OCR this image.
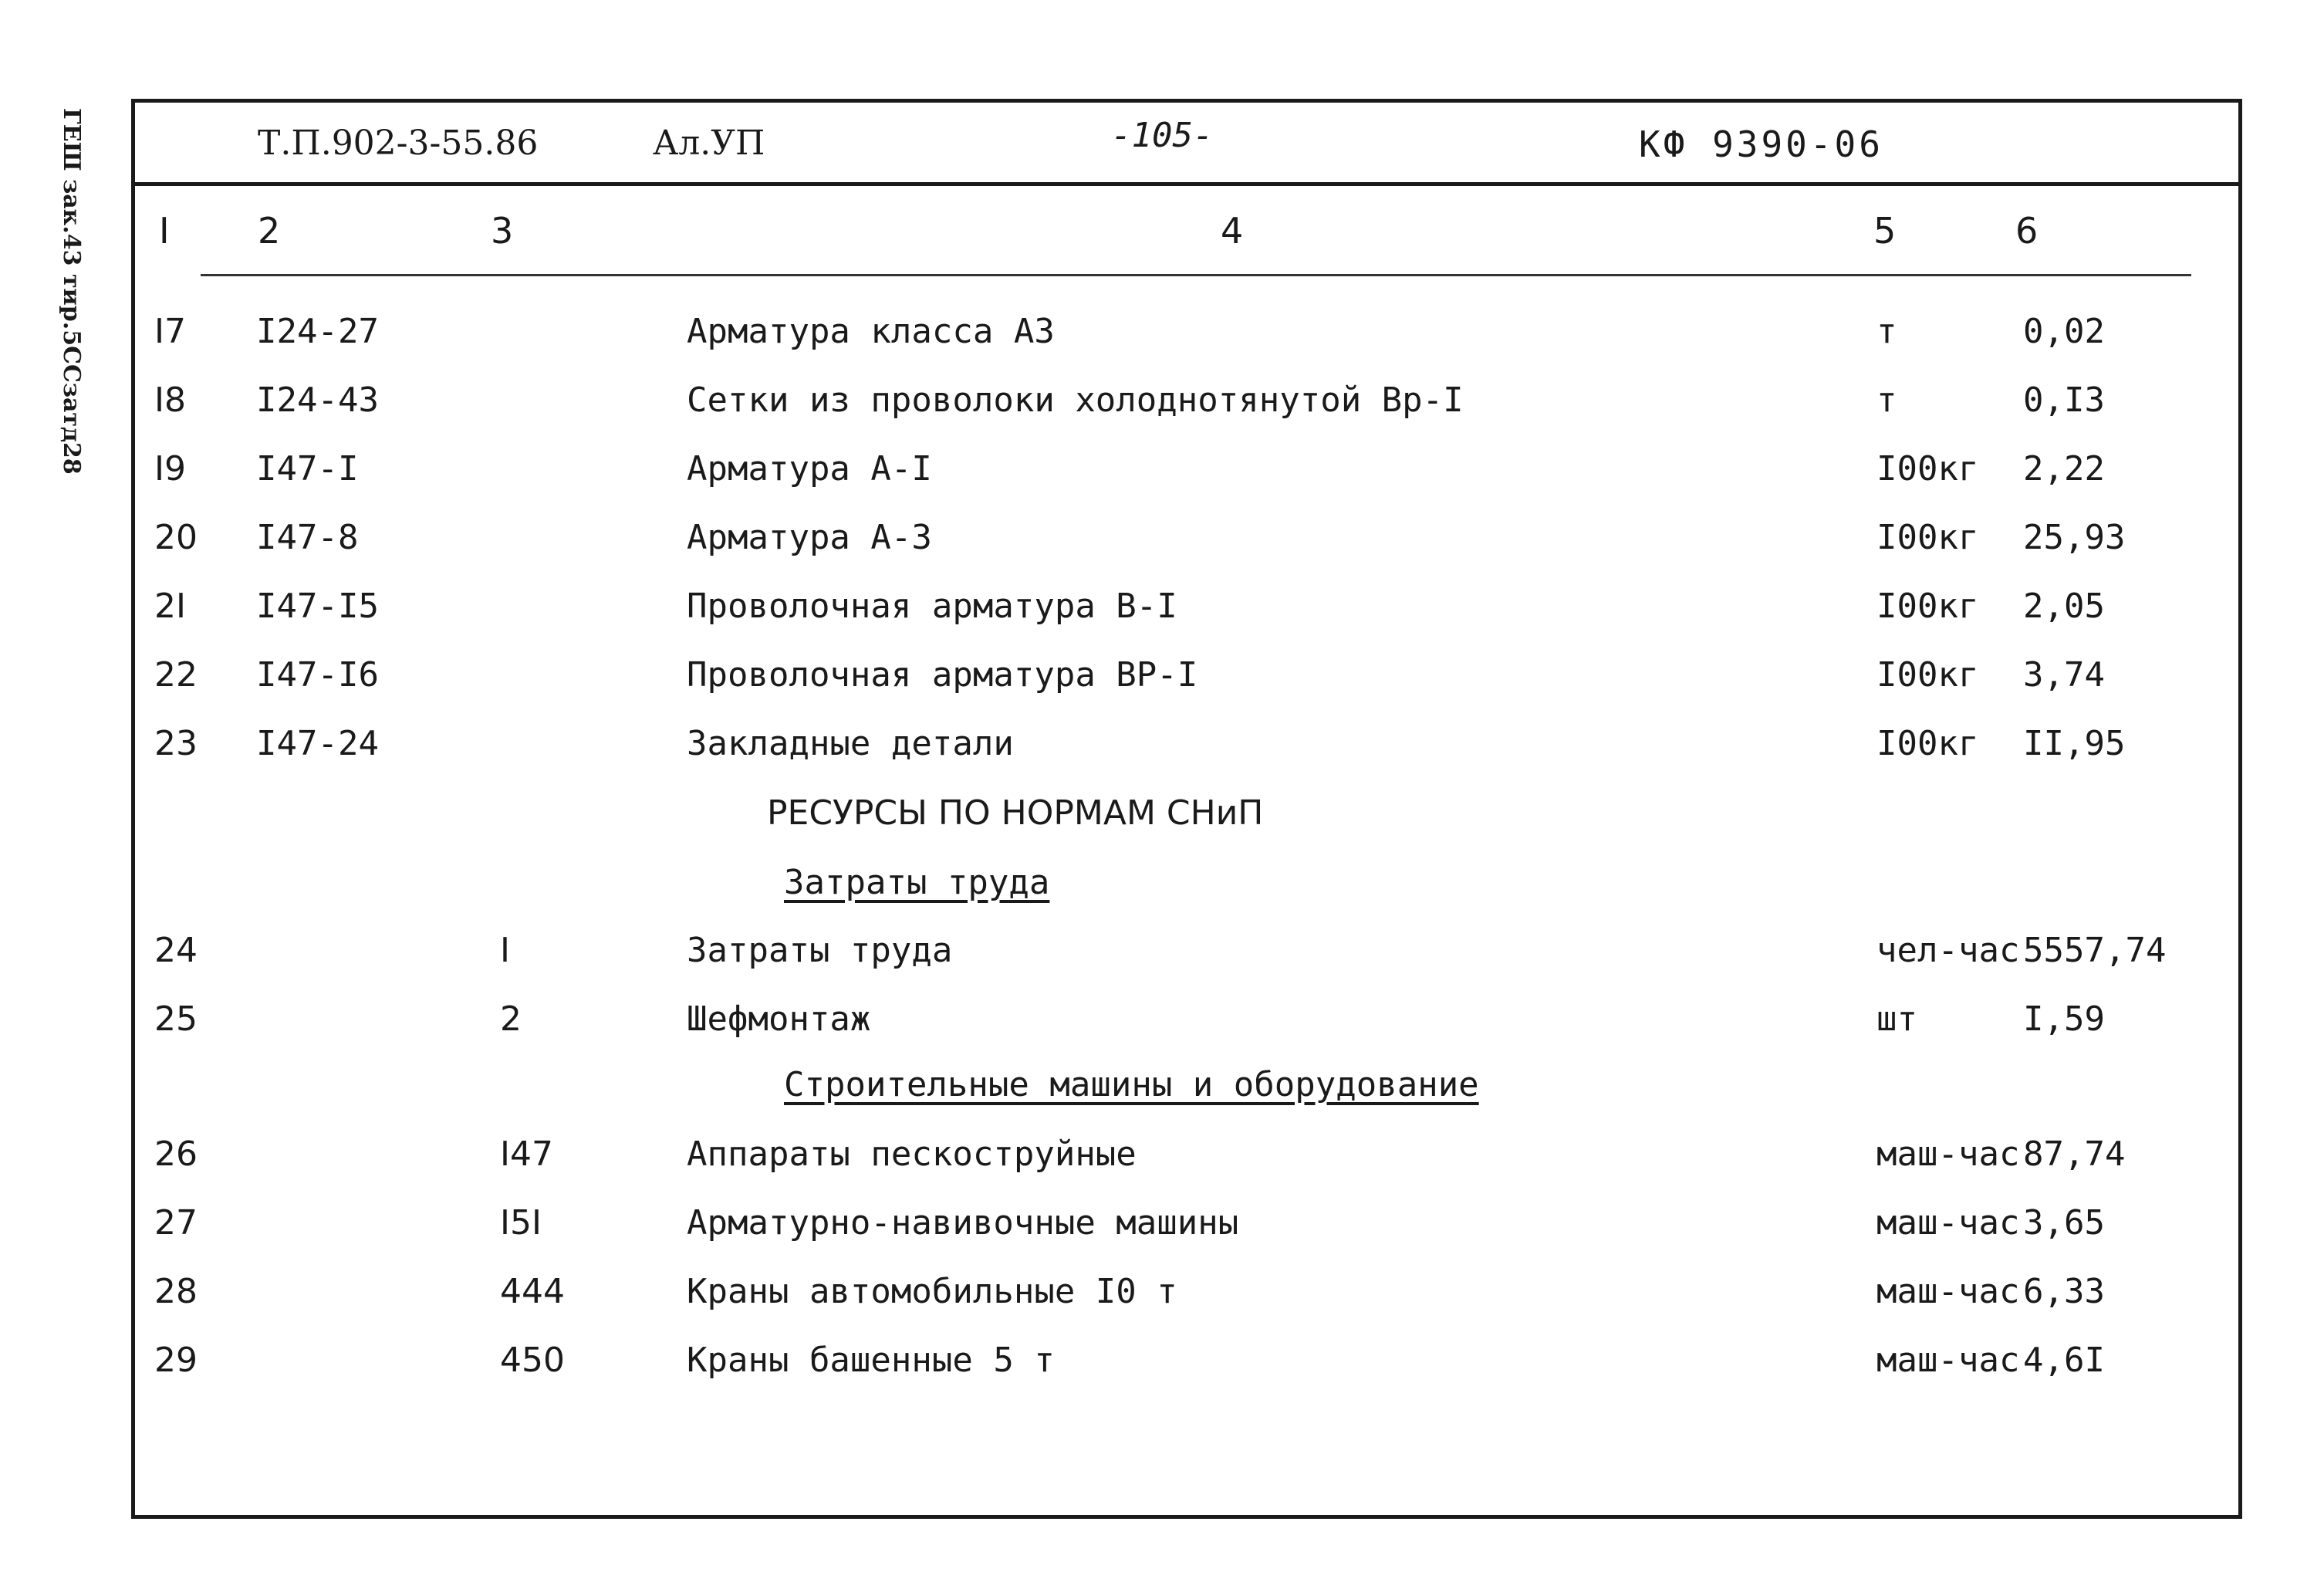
ГЕШ зак.43 тир.5ССзатд28	Т.П.902-3-55.86	Ал.УП	-105-	КФ 9390-06
I 2	3	4	5	6
I7 I24-27	Арматура класса А3	т	0,02
I8 I24-43	Сетки из проволоки холоднотянутой Вр-I	т	0,I3
I9 I47-I	Арматура А-I	I00кг 2,22
20 I47-8	Арматура А-3	I00кг 25,93
2I I47-I5	Проволочная арматура В-I	I00кг 2,05
22 I47-I6	Проволочная арматура ВР-I	I00кг 3,74
23 I47-24	Закладные детали	I00кг II,95
24	I	Затраты труда	чел-час 5557,74
25	2	Шефмонтаж	шт	I,59
26	I47	Аппараты пескоструйные	маш-час 87,74
27	I5I	Арматурно-навивочные машины	маш-час 3,65
28	444	Краны автомобильные I0 т	маш-час 6,33
29	450	Краны башенные 5 т	маш-час 4,6I
РЕСУРСЫ ПО НОРМАМ СНиП
Затраты труда
Строительные машины и оборудование
